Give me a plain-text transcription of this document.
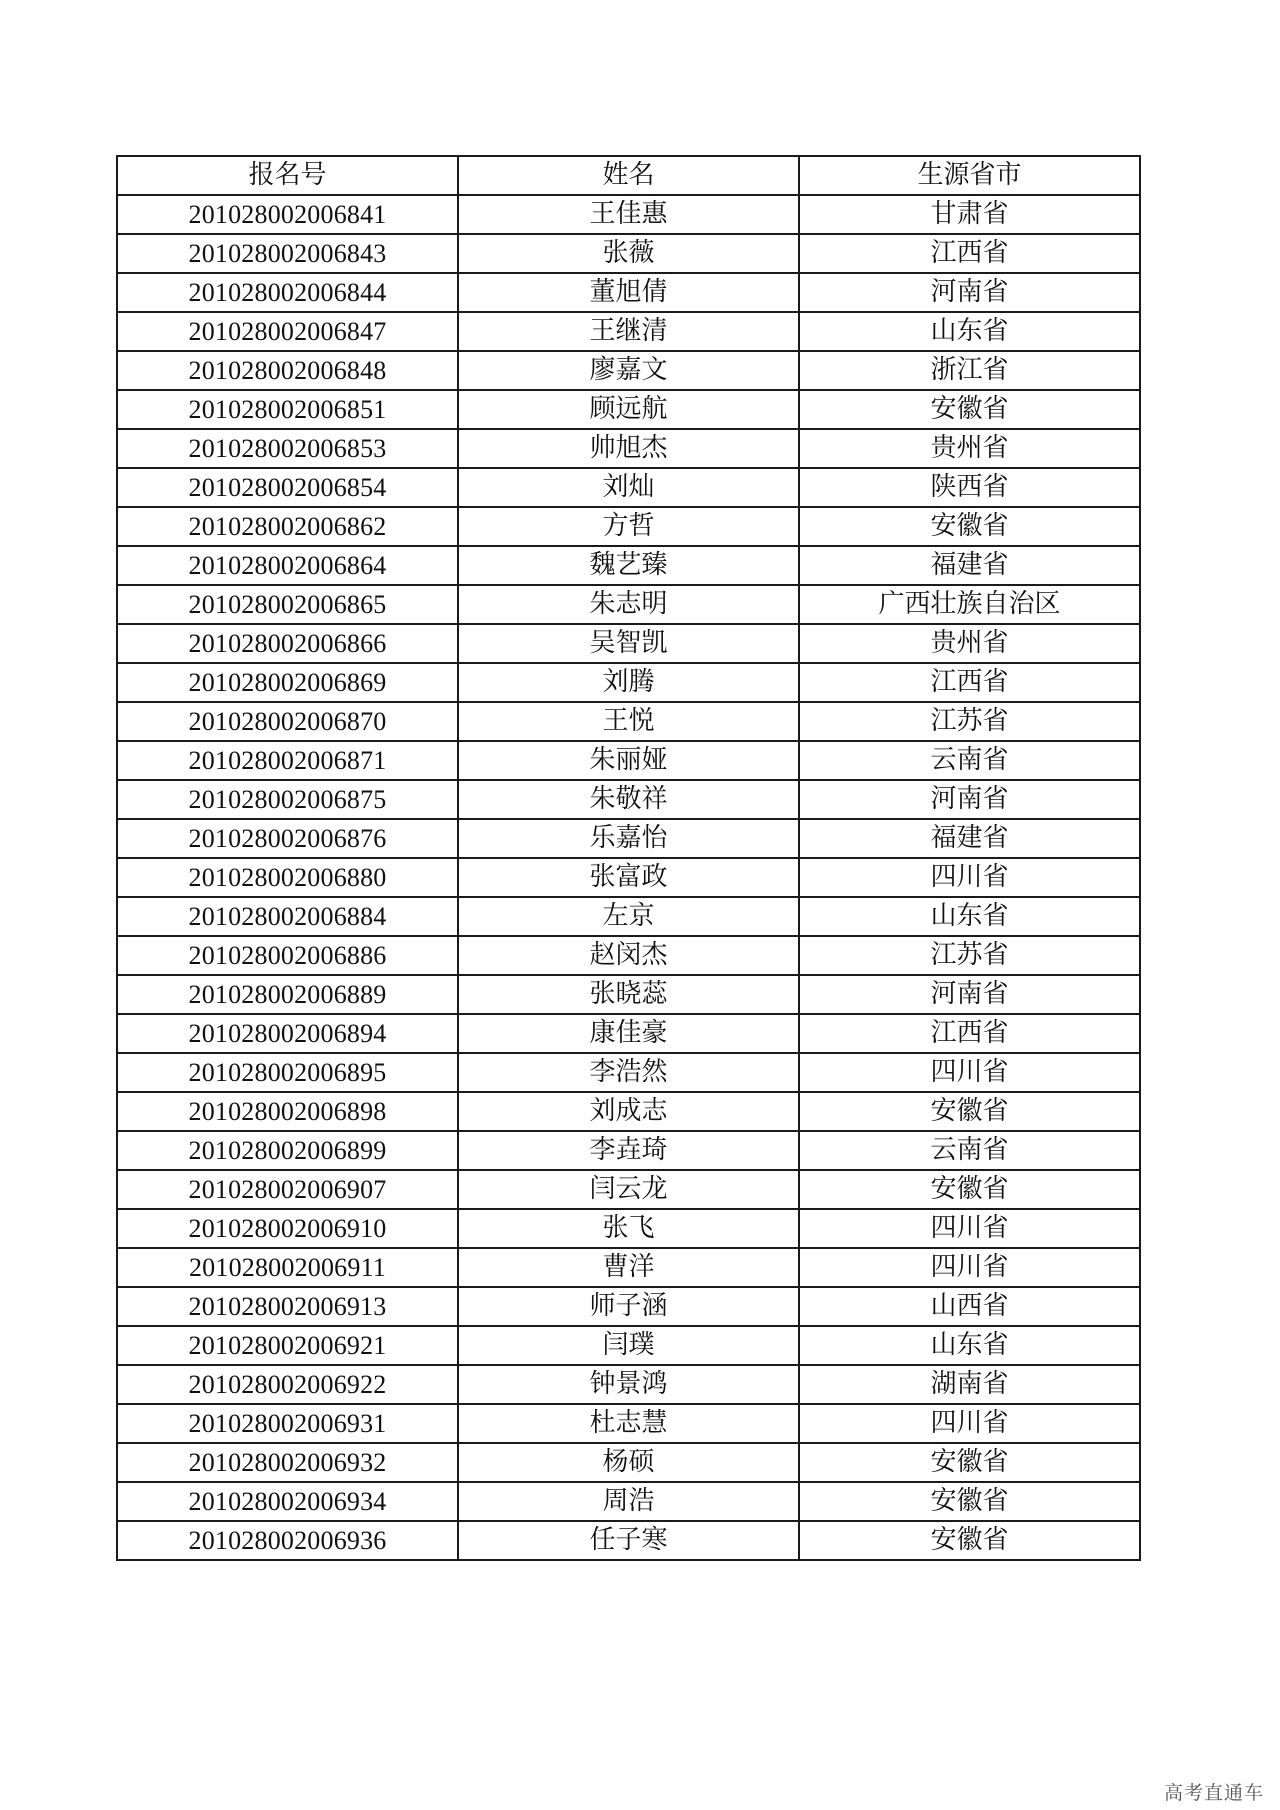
报名号	姓名	生源省市
201028002006841	王佳惠	甘肃省
201028002006843	张薇	江西省
201028002006844	董旭倩	河南省
201028002006847	王继清	山东省
201028002006848	廖嘉文	浙江省
201028002006851	顾远航	安徽省
201028002006853	帅旭杰	贵州省
201028002006854	刘灿	陕西省
201028002006862	方哲	安徽省
201028002006864	魏艺臻	福建省
201028002006865	朱志明	广西壮族自治区
201028002006866	吴智凯	贵州省
201028002006869	刘腾	江西省
201028002006870	王悦	江苏省
201028002006871	朱丽娅	云南省
201028002006875	朱敬祥	河南省
201028002006876	乐嘉怡	福建省
201028002006880	张富政	四川省
201028002006884	左京	山东省
201028002006886	赵闵杰	江苏省
201028002006889	张晓蕊	河南省
201028002006894	康佳豪	江西省
201028002006895	李浩然	四川省
201028002006898	刘成志	安徽省
201028002006899	李垚琦	云南省
201028002006907	闫云龙	安徽省
201028002006910	张飞	四川省
201028002006911	曹洋	四川省
201028002006913	师子涵	山西省
201028002006921	闫璞	山东省
201028002006922	钟景鸿	湖南省
201028002006931	杜志慧	四川省
201028002006932	杨硕	安徽省
201028002006934	周浩	安徽省
201028002006936	任子寒	安徽省
高考直通车
